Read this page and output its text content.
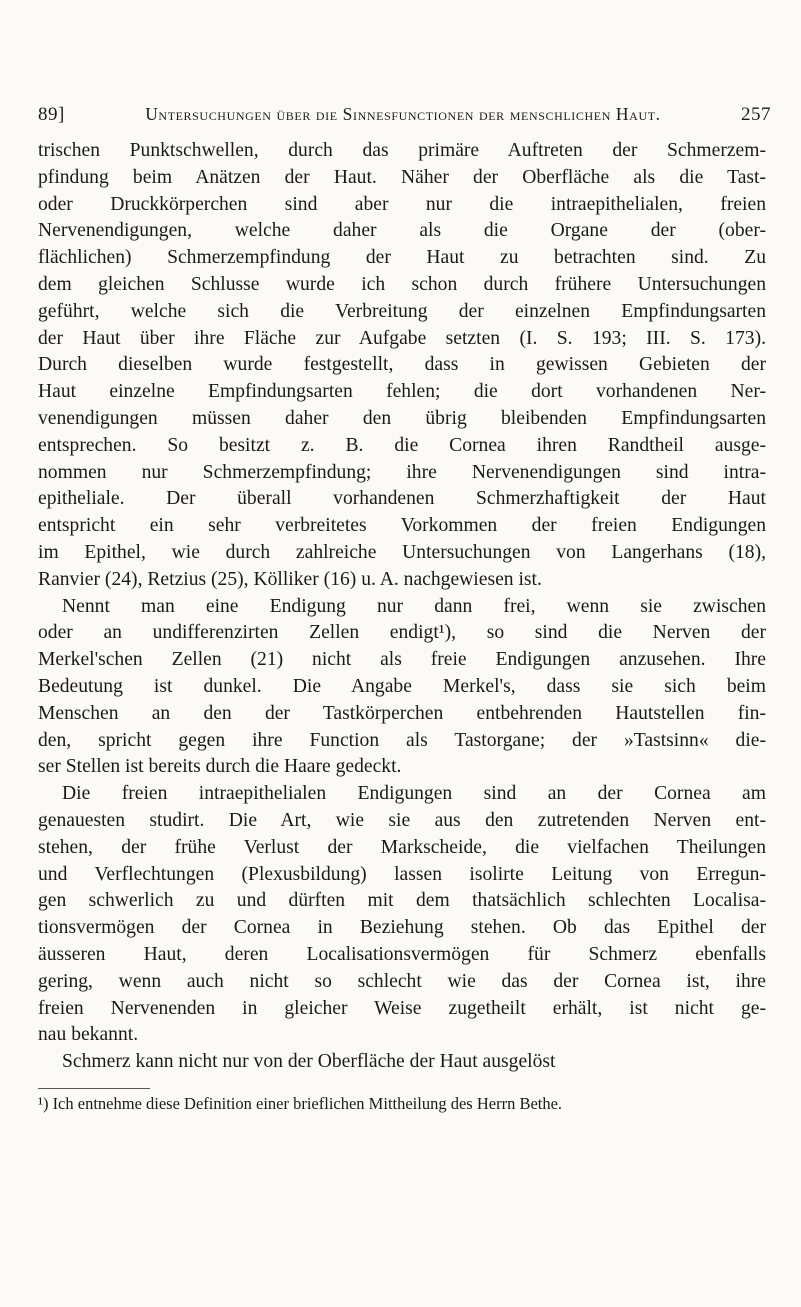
89]	Untersuchungen über die Sinnesfunctionen der menschlichen Haut.	257
trischen Punktschwellen, durch das primäre Auftreten der Schmerzem-
pfindung beim Anätzen der Haut. Näher der Oberfläche als die Tast-
oder Druckkörperchen sind aber nur die intraepithelialen, freien
Nervenendigungen, welche daher als die Organe der (ober-
flächlichen) Schmerzempfindung der Haut zu betrachten sind. Zu
dem gleichen Schlusse wurde ich schon durch frühere Untersuchungen
geführt, welche sich die Verbreitung der einzelnen Empfindungsarten
der Haut über ihre Fläche zur Aufgabe setzten (I. S. 193; III. S. 173).
Durch dieselben wurde festgestellt, dass in gewissen Gebieten der
Haut einzelne Empfindungsarten fehlen; die dort vorhandenen Ner-
venendigungen müssen daher den übrig bleibenden Empfindungsarten
entsprechen. So besitzt z. B. die Cornea ihren Randtheil ausge-
nommen nur Schmerzempfindung; ihre Nervenendigungen sind intra-
epitheliale. Der überall vorhandenen Schmerzhaftigkeit der Haut
entspricht ein sehr verbreitetes Vorkommen der freien Endigungen
im Epithel, wie durch zahlreiche Untersuchungen von Langerhans (18),
Ranvier (24), Retzius (25), Kölliker (16) u. A. nachgewiesen ist.
Nennt man eine Endigung nur dann frei, wenn sie zwischen
oder an undifferenzirten Zellen endigt¹), so sind die Nerven der
Merkel'schen Zellen (21) nicht als freie Endigungen anzusehen. Ihre
Bedeutung ist dunkel. Die Angabe Merkel's, dass sie sich beim
Menschen an den der Tastkörperchen entbehrenden Hautstellen fin-
den, spricht gegen ihre Function als Tastorgane; der »Tastsinn« die-
ser Stellen ist bereits durch die Haare gedeckt.
Die freien intraepithelialen Endigungen sind an der Cornea am
genauesten studirt. Die Art, wie sie aus den zutretenden Nerven ent-
stehen, der frühe Verlust der Markscheide, die vielfachen Theilungen
und Verflechtungen (Plexusbildung) lassen isolirte Leitung von Erregun-
gen schwerlich zu und dürften mit dem thatsächlich schlechten Localisa-
tionsvermögen der Cornea in Beziehung stehen. Ob das Epithel der
äusseren Haut, deren Localisationsvermögen für Schmerz ebenfalls
gering, wenn auch nicht so schlecht wie das der Cornea ist, ihre
freien Nervenenden in gleicher Weise zugetheilt erhält, ist nicht ge-
nau bekannt.
Schmerz kann nicht nur von der Oberfläche der Haut ausgelöst
¹) Ich entnehme diese Definition einer brieflichen Mittheilung des Herrn Bethe.
